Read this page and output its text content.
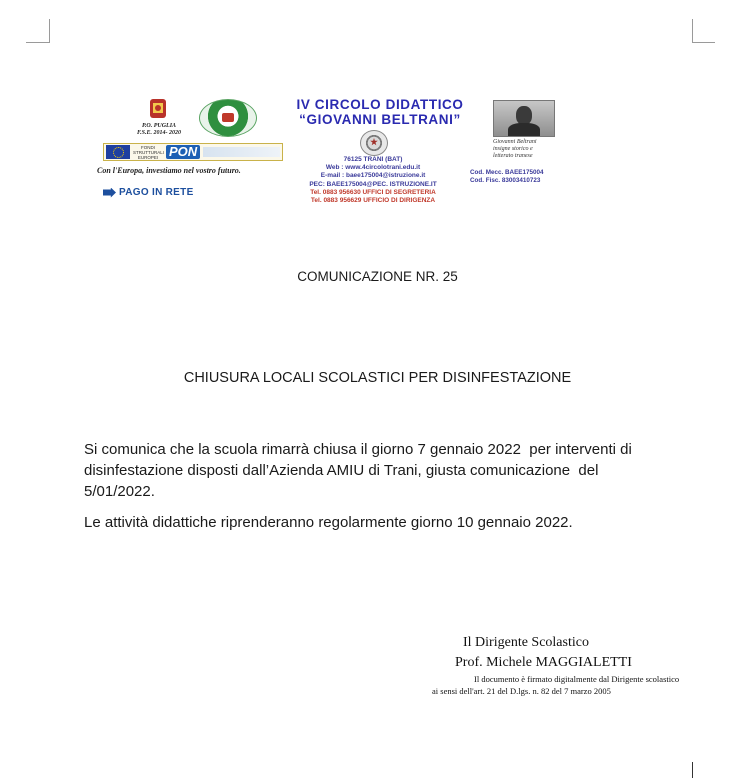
P.O. PUGLIA
F.S.E. 2014- 2020
FONDI STRUTTURALI EUROPEI PON
Con l'Europa, investiamo nel vostro futuro.
PAGO IN RETE
IV CIRCOLO DIDATTICO
“GIOVANNI BELTRANI”
76125 TRANI (BAT)
Web : www.4circolotrani.edu.it
E-mail : baee175004@istruzione.it
PEC: BAEE175004@PEC. ISTRUZIONE.IT
Tel. 0883 956630 UFFICI DI SEGRETERIA
Tel. 0883 956629 UFFICIO DI DIRIGENZA
Cod. Mecc. BAEE175004
Cod. Fisc. 83003410723
Giovanni Beltrani
insigne storico e
letterato tranese
COMUNICAZIONE NR. 25
CHIUSURA LOCALI SCOLASTICI PER DISINFESTAZIONE
Si comunica che la scuola rimarrà chiusa il giorno 7 gennaio 2022  per interventi di
disinfestazione disposti dall’Azienda AMIU di Trani, giusta comunicazione  del
5/01/2022.
Le attività didattiche riprenderanno regolarmente giorno 10 gennaio 2022.
Il Dirigente Scolastico
Prof. Michele MAGGIALETTI
Il documento è firmato digitalmente dal Dirigente scolastico
ai sensi dell'art. 21 del D.lgs. n. 82 del 7 marzo 2005
